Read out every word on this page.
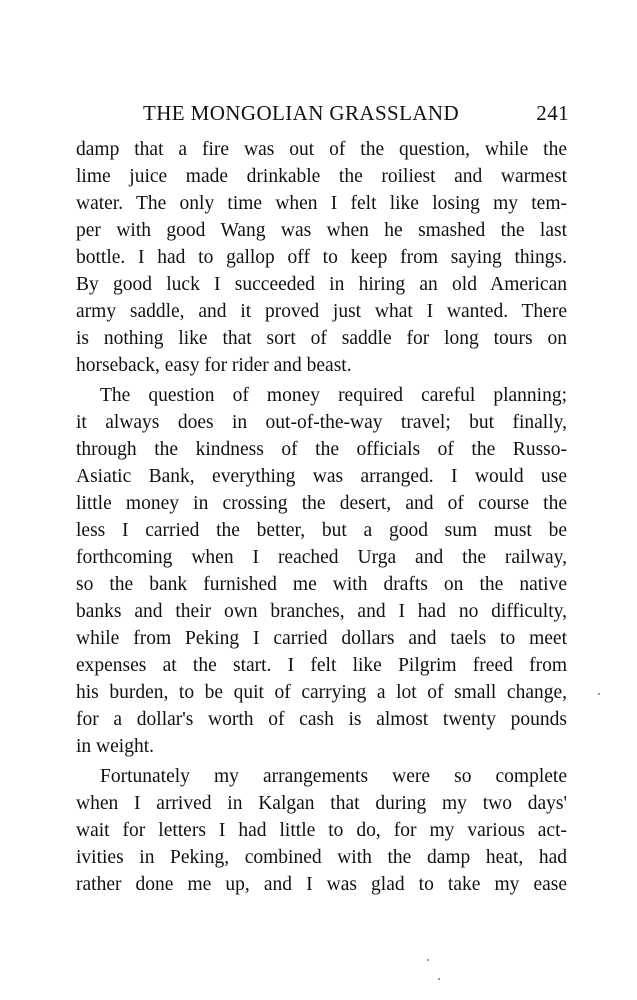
THE MONGOLIAN GRASSLAND	241
damp that a fire was out of the question, while the
lime juice made drinkable the roiliest and warmest
water. The only time when I felt like losing my tem-
per with good Wang was when he smashed the last
bottle. I had to gallop off to keep from saying things.
By good luck I succeeded in hiring an old American
army saddle, and it proved just what I wanted. There
is nothing like that sort of saddle for long tours on
horseback, easy for rider and beast.
The question of money required careful planning;
it always does in out-of-the-way travel; but finally,
through the kindness of the officials of the Russo-
Asiatic Bank, everything was arranged. I would use
little money in crossing the desert, and of course the
less I carried the better, but a good sum must be
forthcoming when I reached Urga and the railway,
so the bank furnished me with drafts on the native
banks and their own branches, and I had no difficulty,
while from Peking I carried dollars and taels to meet
expenses at the start. I felt like Pilgrim freed from
his burden, to be quit of carrying a lot of small change,
for a dollar's worth of cash is almost twenty pounds
in weight.
Fortunately my arrangements were so complete
when I arrived in Kalgan that during my two days'
wait for letters I had little to do, for my various act-
ivities in Peking, combined with the damp heat, had
rather done me up, and I was glad to take my ease
